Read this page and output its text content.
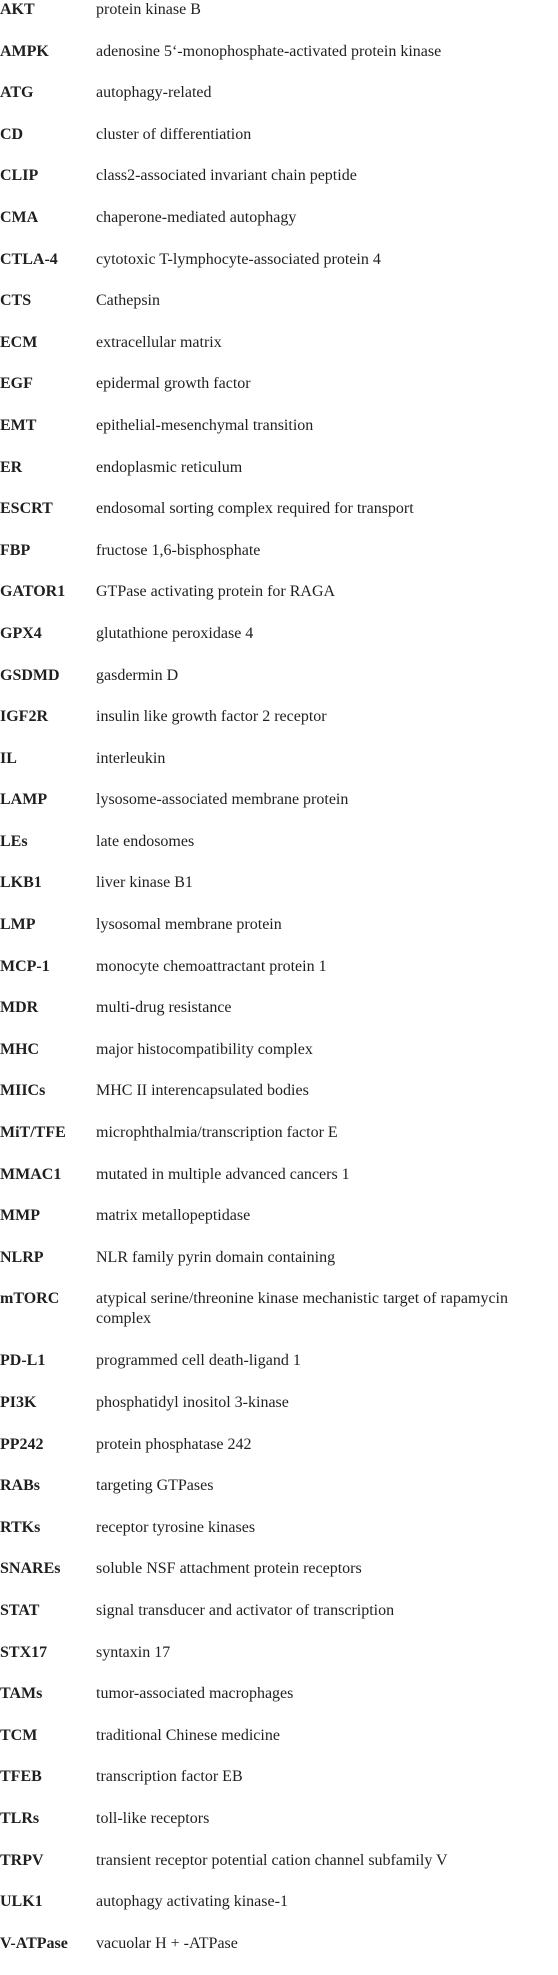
AKT	protein kinase B
AMPK	adenosine 5‘-monophosphate-activated protein kinase
ATG	autophagy-related
CD	cluster of differentiation
CLIP	class2-associated invariant chain peptide
CMA	chaperone-mediated autophagy
CTLA-4	cytotoxic T-lymphocyte-associated protein 4
CTS	Cathepsin
ECM	extracellular matrix
EGF	epidermal growth factor
EMT	epithelial-mesenchymal transition
ER	endoplasmic reticulum
ESCRT	endosomal sorting complex required for transport
FBP	fructose 1,6-bisphosphate
GATOR1	GTPase activating protein for RAGA
GPX4	glutathione peroxidase 4
GSDMD	gasdermin D
IGF2R	insulin like growth factor 2 receptor
IL	interleukin
LAMP	lysosome-associated membrane protein
LEs	late endosomes
LKB1	liver kinase B1
LMP	lysosomal membrane protein
MCP-1	monocyte chemoattractant protein 1
MDR	multi-drug resistance
MHC	major histocompatibility complex
MIICs	MHC II interencapsulated bodies
MiT/TFE	microphthalmia/transcription factor E
MMAC1	mutated in multiple advanced cancers 1
MMP	matrix metallopeptidase
NLRP	NLR family pyrin domain containing
mTORC	atypical serine/threonine kinase mechanistic target of rapamycin complex
PD-L1	programmed cell death-ligand 1
PI3K	phosphatidyl inositol 3-kinase
PP242	protein phosphatase 242
RABs	targeting GTPases
RTKs	receptor tyrosine kinases
SNAREs	soluble NSF attachment protein receptors
STAT	signal transducer and activator of transcription
STX17	syntaxin 17
TAMs	tumor-associated macrophages
TCM	traditional Chinese medicine
TFEB	transcription factor EB
TLRs	toll-like receptors
TRPV	transient receptor potential cation channel subfamily V
ULK1	autophagy activating kinase-1
V-ATPase	vacuolar H + -ATPase
